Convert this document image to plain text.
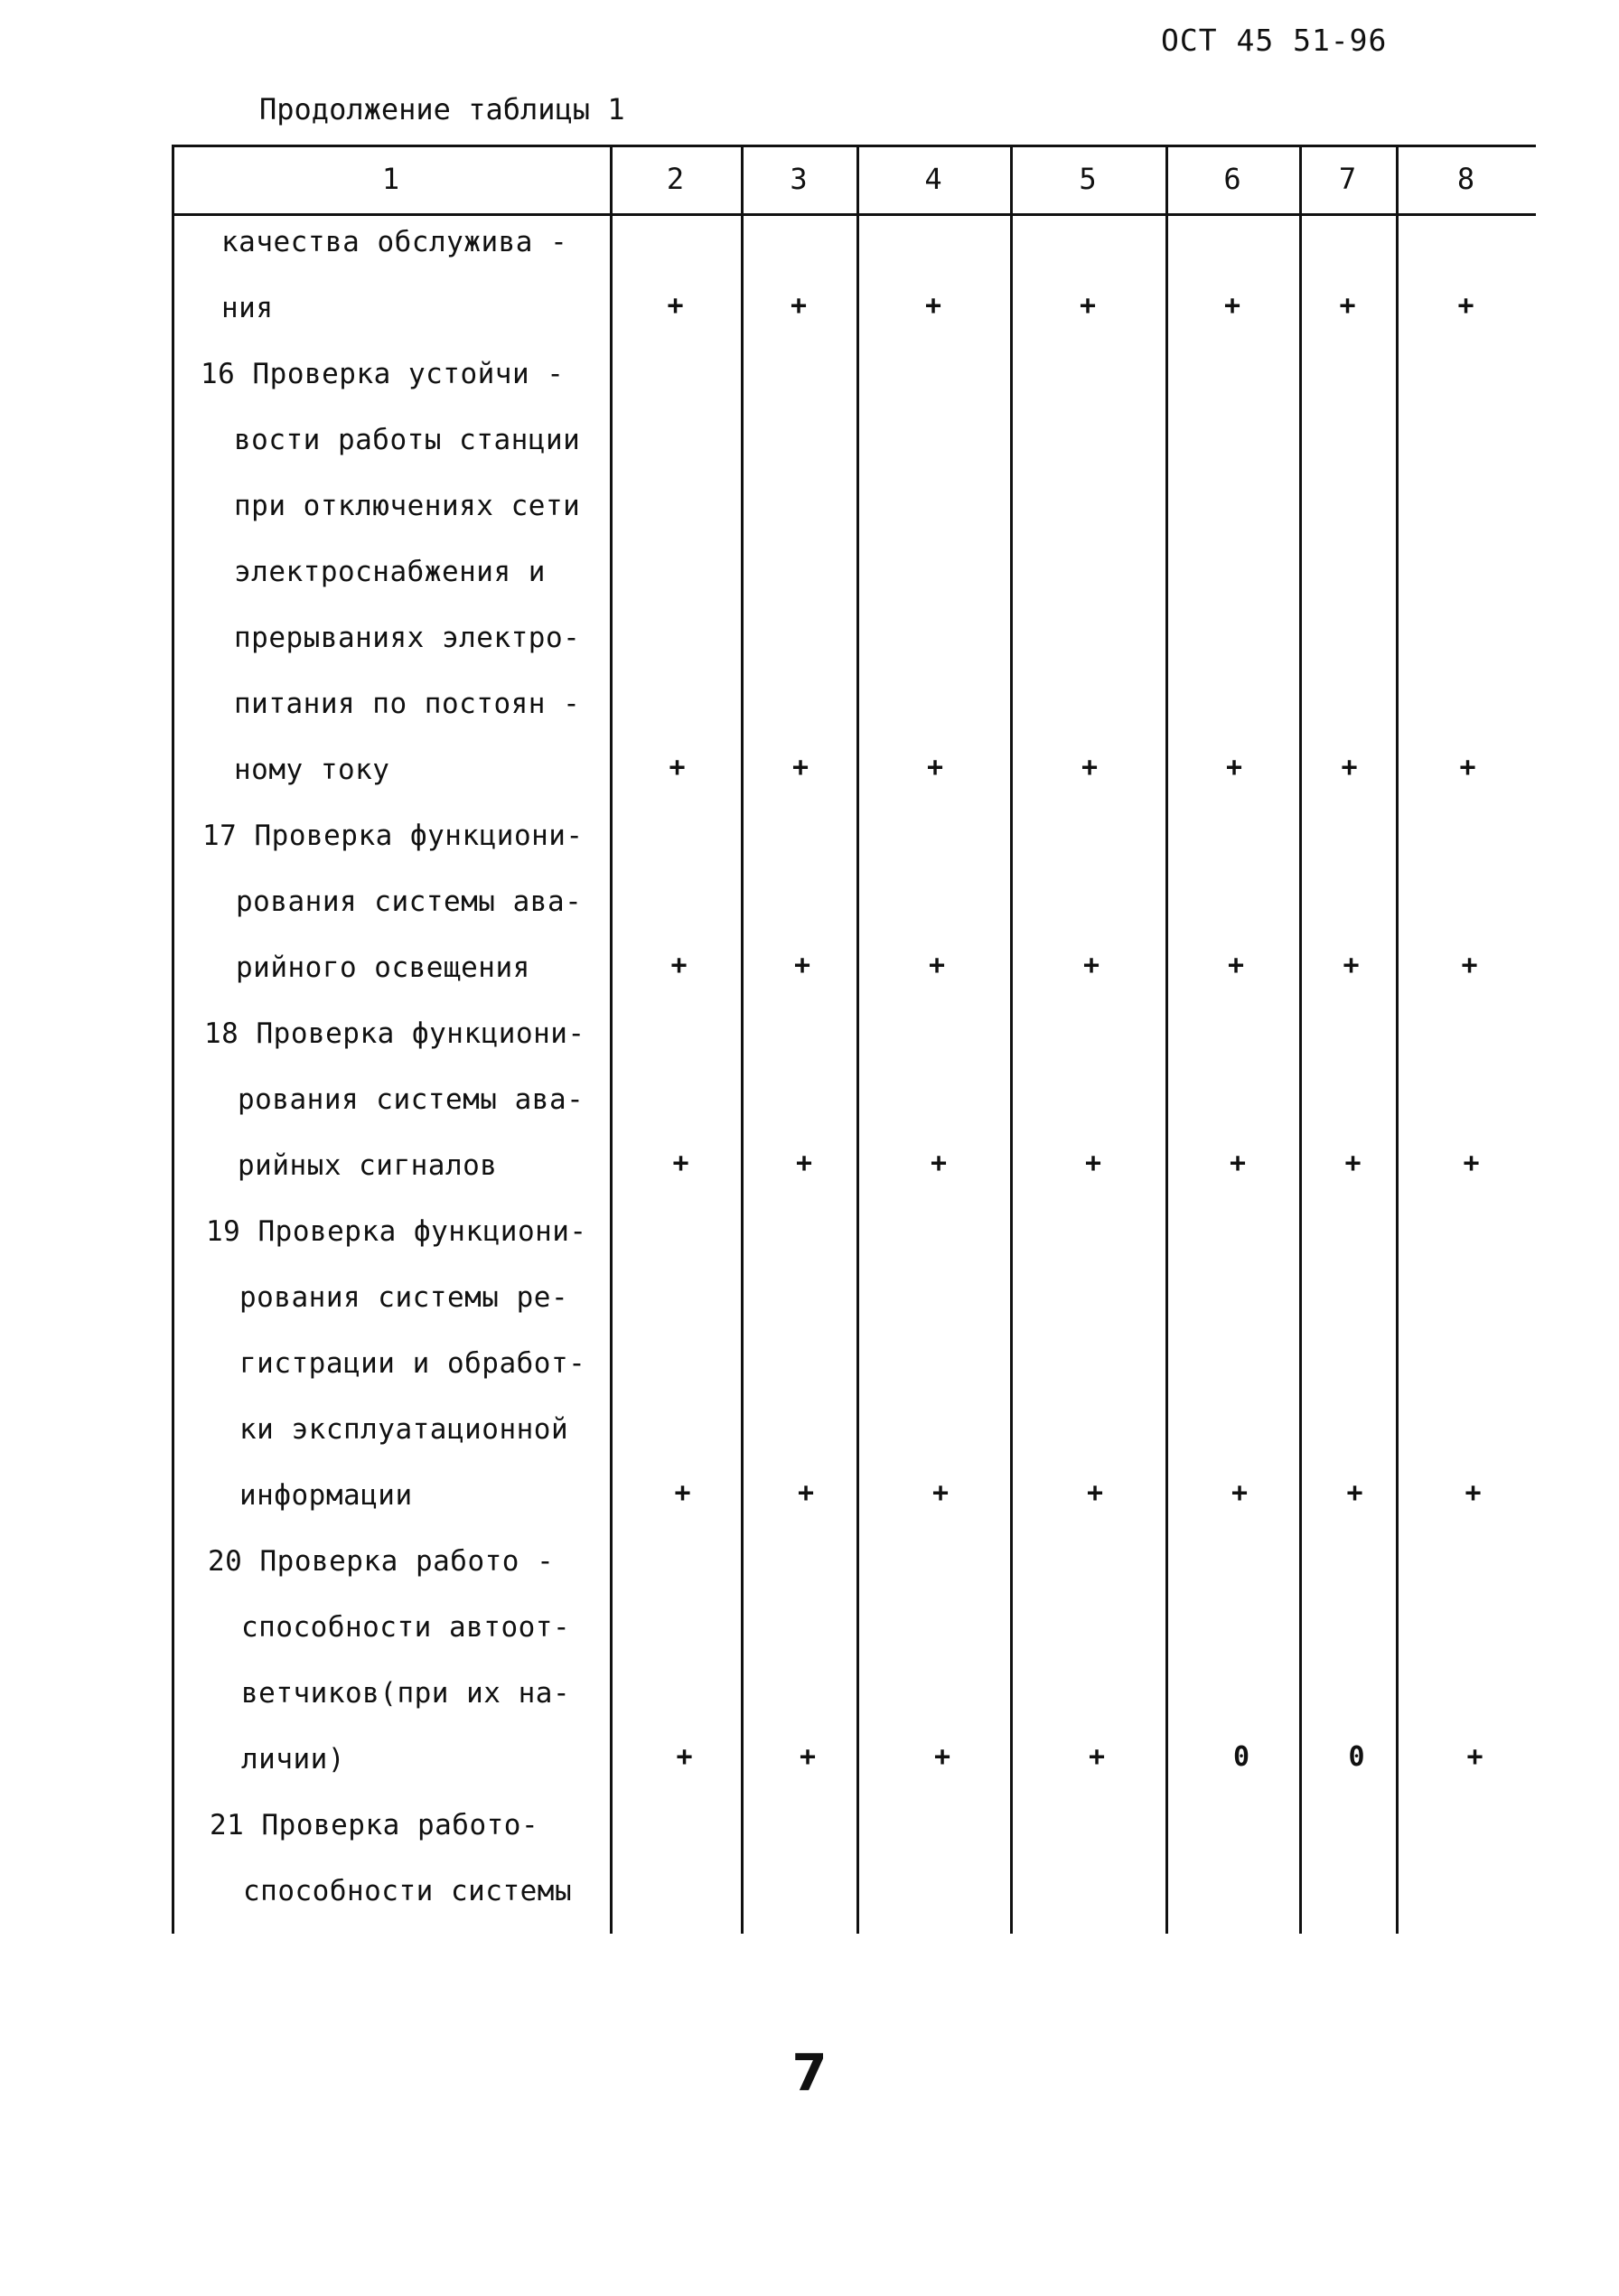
ОСТ 45 51-96
Продолжение таблицы 1
1	2	3	4	5	6	7	8
качества обслужива -
ния	+	+	+	+	+	+	+
16 Проверка устойчи -
вости работы станции
при отключениях сети
электроснабжения и
прерываниях электро-
питания по постоян -
ному току	+	+	+	+	+	+	+
17 Проверка функциони-
рования системы ава-
рийного освещения	+	+	+	+	+	+	+
18 Проверка функциони-
рования системы ава-
рийных сигналов	+	+	+	+	+	+	+
19 Проверка функциони-
рования системы ре-
гистрации и обработ-
ки эксплуатационной
информации	+	+	+	+	+	+	+
20 Проверка работо -
способности автоот-
ветчиков(при их на-
личии)	+	+	+	+	0	0	+
21 Проверка работо-
способности системы
7
